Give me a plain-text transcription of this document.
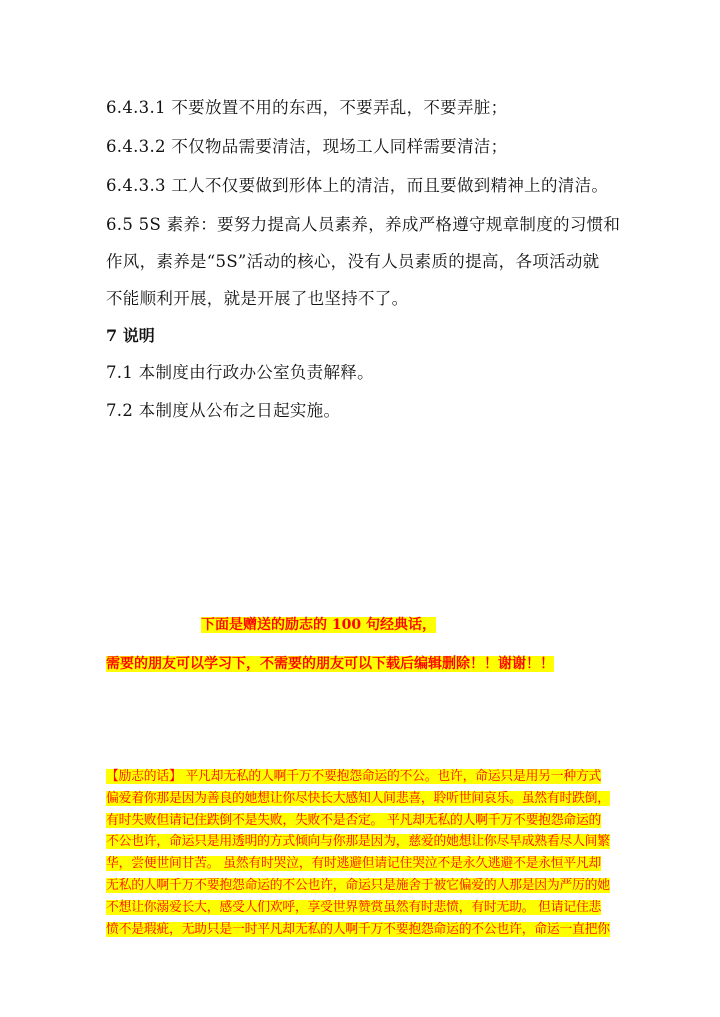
6.4.3.1 不要放置不用的东西，不要弄乱，不要弄脏；
6.4.3.2 不仅物品需要清洁，现场工人同样需要清洁；
6.4.3.3 工人不仅要做到形体上的清洁，而且要做到精神上的清洁。
6.5 5S 素养：要努力提高人员素养，养成严格遵守规章制度的习惯和
作风，素养是“5S”活动的核心，没有人员素质的提高，各项活动就
不能顺利开展，就是开展了也坚持不了。
7 说明
7.1 本制度由行政办公室负责解释。
7.2 本制度从公布之日起实施。
下面是赠送的励志的 100 句经典话，
需要的朋友可以学习下，不需要的朋友可以下载后编辑删除！！谢谢！！
【励志的话】 平凡却无私的人啊千万不要抱怨命运的不公。也许，命运只是用另一种方式
偏爱着你那是因为善良的她想让你尽快长大感知人间悲喜，聆听世间哀乐。虽然有时跌倒，
有时失败但请记住跌倒不是失败，失败不是否定。 平凡却无私的人啊千万不要抱怨命运的
不公也许，命运只是用透明的方式倾向与你那是因为，慈爱的她想让你尽早成熟看尽人间繁
华，尝便世间甘苦。 虽然有时哭泣，有时逃避但请记住哭泣不是永久逃避不是永恒平凡却
无私的人啊千万不要抱怨命运的不公也许，命运只是施舍于被它偏爱的人那是因为严厉的她
不想让你溺爱长大，感受人们欢呼，享受世界赞赏虽然有时悲愤，有时无助。 但请记住悲
愤不是瑕疵，无助只是一时平凡却无私的人啊千万不要抱怨命运的不公也许，命运一直把你
